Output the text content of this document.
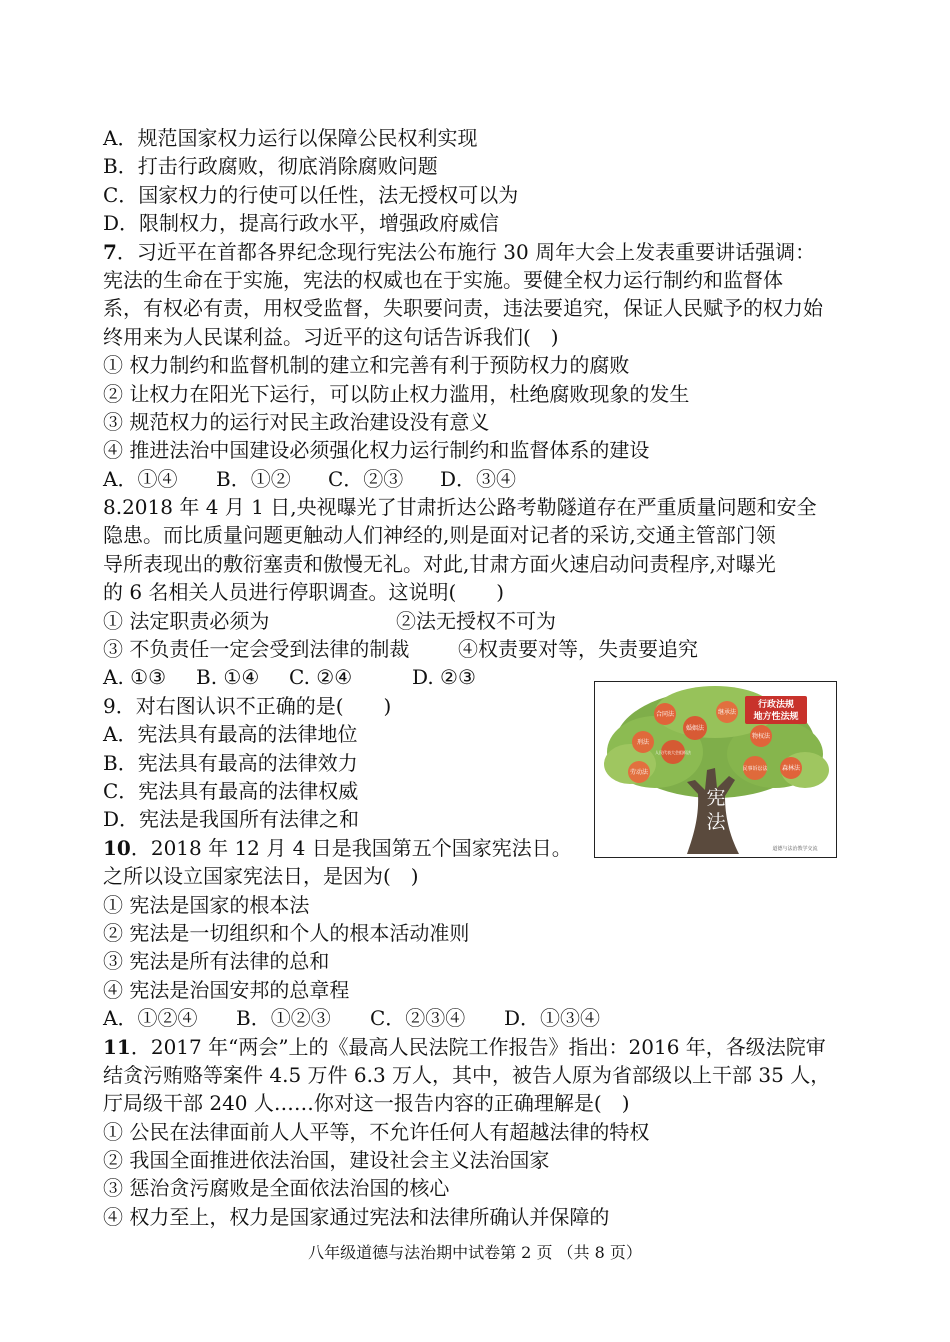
A．规范国家权力运行以保障公民权利实现
B．打击行政腐败，彻底消除腐败问题
C．国家权力的行使可以任性，法无授权可以为
D．限制权力，提高行政水平，增强政府威信
7．习近平在首都各界纪念现行宪法公布施行 30 周年大会上发表重要讲话强调：
宪法的生命在于实施，宪法的权威也在于实施。要健全权力运行制约和监督体
系，有权必有责，用权受监督，失职要问责，违法要追究，保证人民赋予的权力始
终用来为人民谋利益。习近平的这句话告诉我们(　)
① 权力制约和监督机制的建立和完善有利于预防权力的腐败
② 让权力在阳光下运行，可以防止权力滥用，杜绝腐败现象的发生
③ 规范权力的运行对民主政治建设没有意义
④ 推进法治中国建设必须强化权力运行制约和监督体系的建设
A．①④ B．①② C．②③ D．③④
8.2018 年 4 月 1 日,央视曝光了甘肃折达公路考勒隧道存在严重质量问题和安全
隐患。而比质量问题更触动人们神经的,则是面对记者的采访,交通主管部门领
导所表现出的敷衍塞责和傲慢无礼。对此,甘肃方面火速启动问责程序,对曝光
的 6 名相关人员进行停职调查。这说明(　　)
① 法定职责必须为	②法无授权不可为
③ 不负责任一定会受到法律的制裁 ④权责要对等，失责要追究
A. ①③ B. ①④ C. ②④	D. ②③
9．对右图认识不正确的是(　　)
A．宪法具有最高的法律地位
B．宪法具有最高的法律效力
C．宪法具有最高的法律权威
D．宪法是我国所有法律之和
10．2018 年 12 月 4 日是我国第五个国家宪法日。
之所以设立国家宪法日，是因为(　)
① 宪法是国家的根本法
② 宪法是一切组织和个人的根本活动准则
③ 宪法是所有法律的总和
④ 宪法是治国安邦的总章程
A．①②④ B．①②③ C．②③④ D．①③④
11．2017 年“两会”上的《最高人民法院工作报告》指出：2016 年，各级法院审
结贪污贿赂等案件 4.5 万件 6.3 万人，其中，被告人原为省部级以上干部 35 人，
厅局级干部 240 人……你对这一报告内容的正确理解是(　)
① 公民在法律面前人人平等，不允许任何人有超越法律的特权
② 我国全面推进依法治国，建设社会主义法治国家
③ 惩治贪污腐败是全面依法治国的核心
④ 权力至上，权力是国家通过宪法和法律所确认并保障的
宪
法
合同法
婚姻法
继承法
刑法
物权法
人民代表大会组织法
劳动法	民事诉讼法 森林法
行政法规
地方性法规
道德与法治教学交流
八年级道德与法治期中试卷第 2 页 （共 8 页）
